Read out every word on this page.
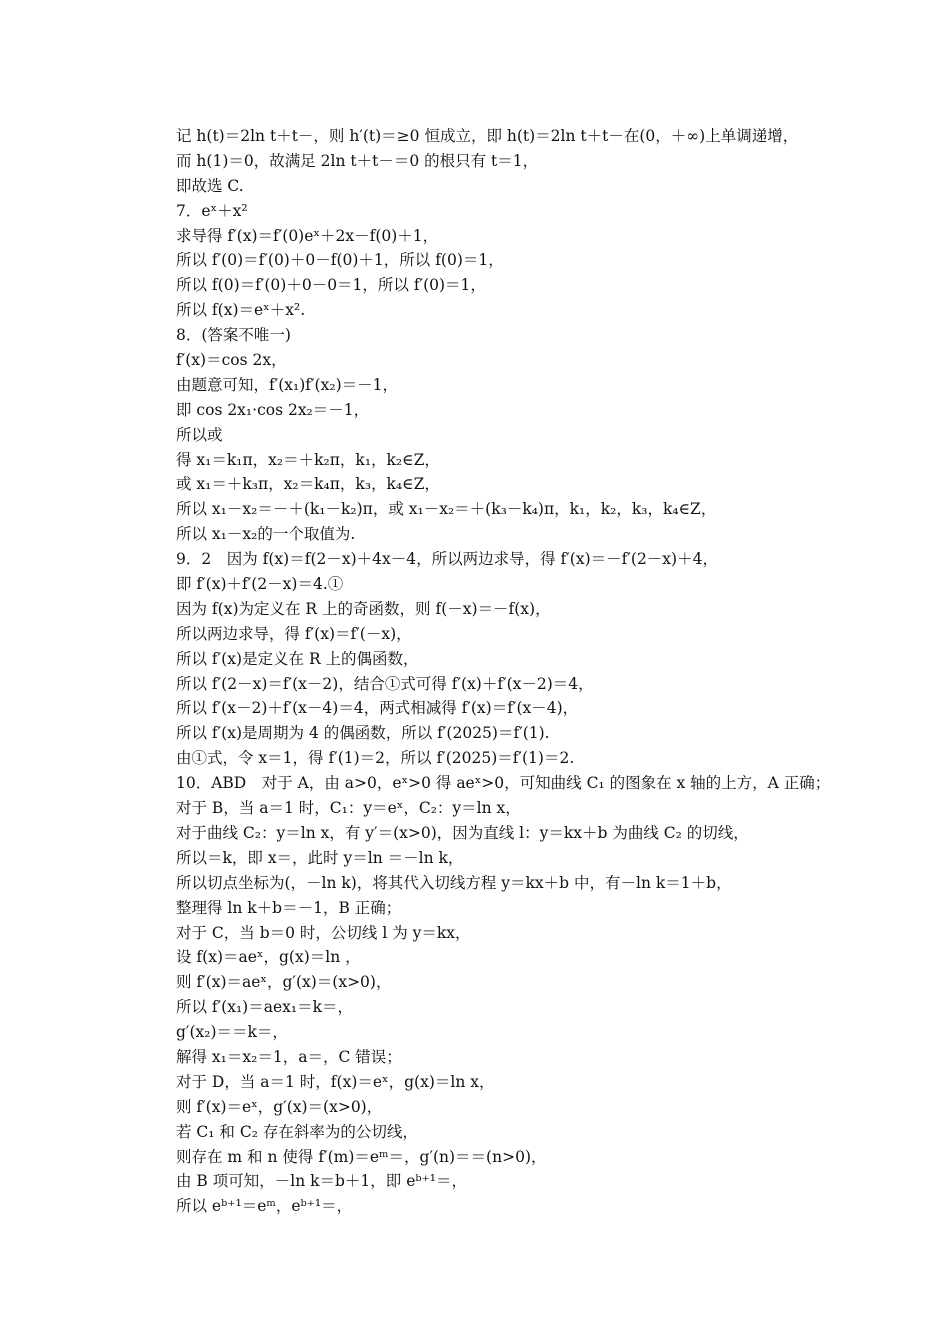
记 h(t)＝2ln t＋t－，则 h′(t)＝≥0 恒成立，即 h(t)＝2ln t＋t－在(0，＋∞)上单调递增，
而 h(1)＝0，故满足 2ln t＋t－＝0 的根只有 t＝1，
即故选 C.
7．eˣ＋x²
求导得 f′(x)＝f′(0)eˣ＋2x－f(0)＋1，
所以 f′(0)＝f′(0)＋0－f(0)＋1，所以 f(0)＝1，
所以 f(0)＝f′(0)＋0－0＝1，所以 f′(0)＝1，
所以 f(x)＝eˣ＋x².
8．(答案不唯一)
f′(x)＝cos 2x，
由题意可知，f′(x₁)f′(x₂)＝－1，
即 cos 2x₁·cos 2x₂＝－1，
所以或
得 x₁＝k₁π，x₂＝＋k₂π，k₁，k₂∈Z，
或 x₁＝＋k₃π，x₂＝k₄π，k₃，k₄∈Z，
所以 x₁－x₂＝－＋(k₁－k₂)π，或 x₁－x₂＝＋(k₃－k₄)π，k₁，k₂，k₃，k₄∈Z，
所以 x₁－x₂的一个取值为.
9．2　因为 f(x)＝f(2－x)＋4x－4，所以两边求导，得 f′(x)＝－f′(2－x)＋4，
即 f′(x)＋f′(2－x)＝4.①
因为 f(x)为定义在 R 上的奇函数，则 f(－x)＝－f(x)，
所以两边求导，得 f′(x)＝f′(－x)，
所以 f′(x)是定义在 R 上的偶函数，
所以 f′(2－x)＝f′(x－2)，结合①式可得 f′(x)＋f′(x－2)＝4，
所以 f′(x－2)＋f′(x－4)＝4，两式相减得 f′(x)＝f′(x－4)，
所以 f′(x)是周期为 4 的偶函数，所以 f′(2025)＝f′(1).
由①式，令 x＝1，得 f′(1)＝2，所以 f′(2025)＝f′(1)＝2.
10．ABD　对于 A，由 a>0，eˣ>0 得 aeˣ>0，可知曲线 C₁ 的图象在 x 轴的上方，A 正确；
对于 B，当 a＝1 时，C₁：y＝eˣ，C₂：y＝ln x，
对于曲线 C₂：y＝ln x，有 y′＝(x>0)，因为直线 l：y＝kx＋b 为曲线 C₂ 的切线，
所以＝k，即 x＝，此时 y＝ln ＝－ln k，
所以切点坐标为(，－ln k)，将其代入切线方程 y＝kx＋b 中，有－ln k＝1＋b，
整理得 ln k＋b＝－1，B 正确；
对于 C，当 b＝0 时，公切线 l 为 y＝kx，
设 f(x)＝aeˣ，g(x)＝ln ，
则 f′(x)＝aeˣ，g′(x)＝(x>0)，
所以 f′(x₁)＝aex₁＝k＝，
g′(x₂)＝＝k＝，
解得 x₁＝x₂＝1，a＝，C 错误；
对于 D，当 a＝1 时，f(x)＝eˣ，g(x)＝ln x，
则 f′(x)＝eˣ，g′(x)＝(x>0)，
若 C₁ 和 C₂ 存在斜率为的公切线，
则存在 m 和 n 使得 f′(m)＝eᵐ＝，g′(n)＝＝(n>0)，
由 B 项可知，－ln k＝b＋1，即 eᵇ⁺¹＝，
所以 eᵇ⁺¹＝eᵐ，eᵇ⁺¹＝，
